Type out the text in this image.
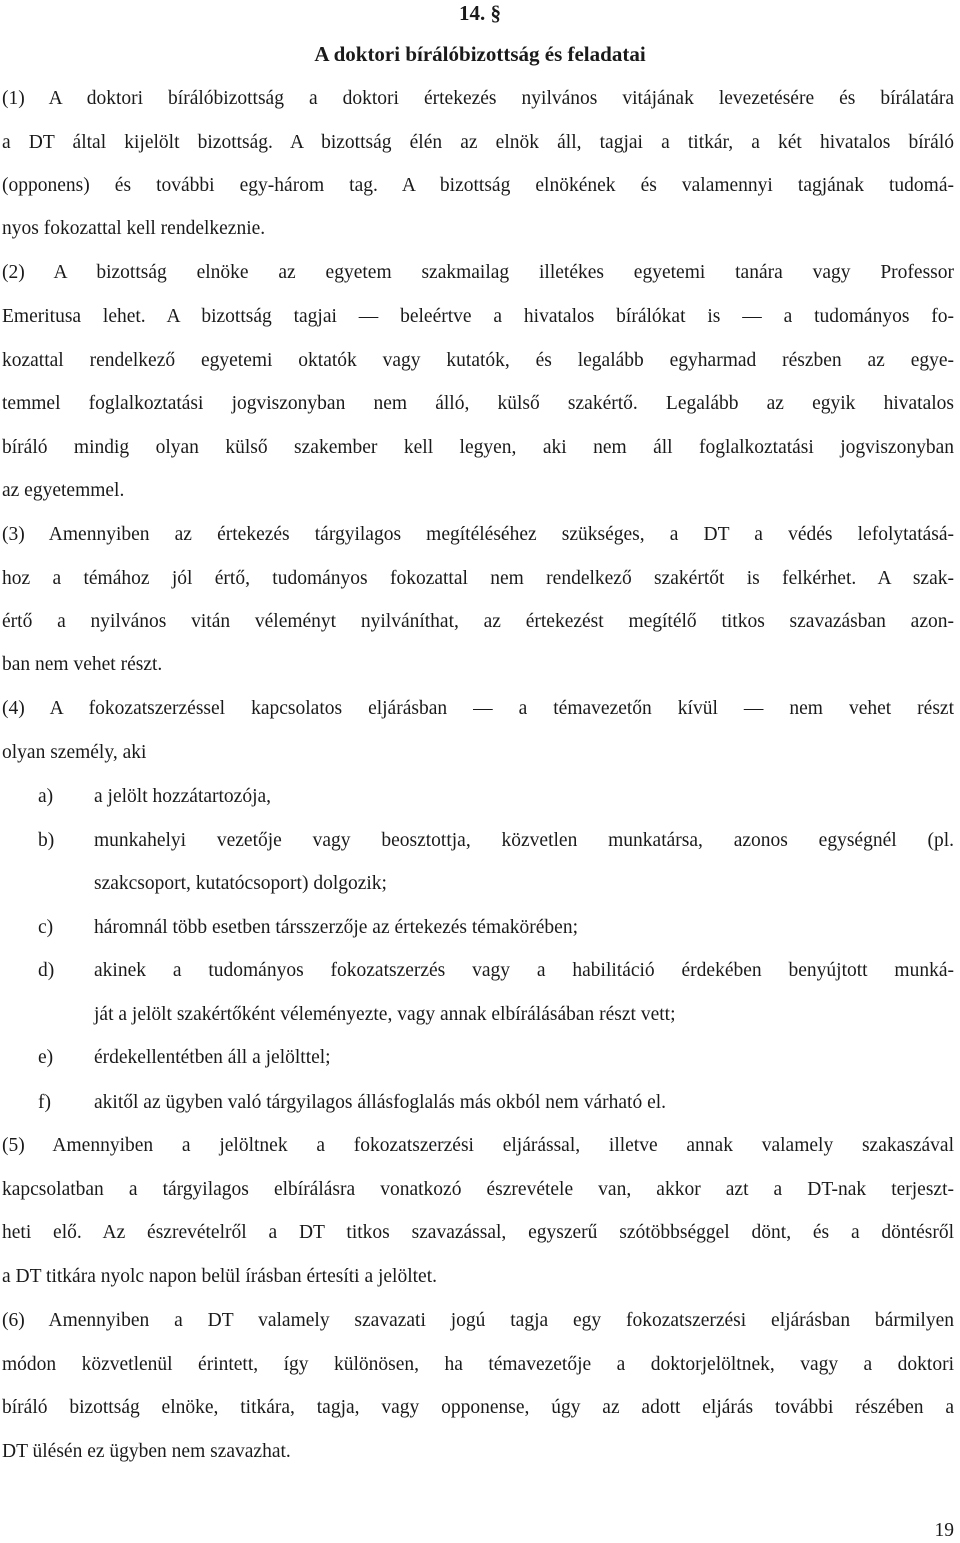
14. §
A doktori bírálóbizottság és feladatai
(1) A doktori bírálóbizottság a doktori értekezés nyilvános vitájának levezetésére és bírálatára
a DT által kijelölt bizottság. A bizottság élén az elnök áll, tagjai a titkár, a két hivatalos bíráló
(opponens) és további egy-három tag. A bizottság elnökének és valamennyi tagjának tudomá-
nyos fokozattal kell rendelkeznie.
(2) A bizottság elnöke az egyetem szakmailag illetékes egyetemi tanára vagy Professor
Emeritusa lehet. A bizottság tagjai — beleértve a hivatalos bírálókat is — a tudományos fo-
kozattal rendelkező egyetemi oktatók vagy kutatók, és legalább egyharmad részben az egye-
temmel foglalkoztatási jogviszonyban nem álló, külső szakértő. Legalább az egyik hivatalos
bíráló mindig olyan külső szakember kell legyen, aki nem áll foglalkoztatási jogviszonyban
az egyetemmel.
(3) Amennyiben az értekezés tárgyilagos megítéléséhez szükséges, a DT a védés lefolytatásá-
hoz a témához jól értő, tudományos fokozattal nem rendelkező szakértőt is felkérhet. A szak-
értő a nyilvános vitán véleményt nyilváníthat, az értekezést megítélő titkos szavazásban azon-
ban nem vehet részt.
(4) A fokozatszerzéssel kapcsolatos eljárásban — a témavezetőn kívül — nem vehet részt
olyan személy, aki
a) a jelölt hozzátartozója,
b) munkahelyi vezetője vagy beosztottja, közvetlen munkatársa, azonos egységnél (pl.
szakcsoport, kutatócsoport) dolgozik;
c) háromnál több esetben társszerzője az értekezés témakörében;
d) akinek a tudományos fokozatszerzés vagy a habilitáció érdekében benyújtott munká-
ját a jelölt szakértőként véleményezte, vagy annak elbírálásában részt vett;
e) érdekellentétben áll a jelölttel;
f) akitől az ügyben való tárgyilagos állásfoglalás más okból nem várható el.
(5) Amennyiben a jelöltnek a fokozatszerzési eljárással, illetve annak valamely szakaszával
kapcsolatban a tárgyilagos elbírálásra vonatkozó észrevétele van, akkor azt a DT-nak terjeszt-
heti elő. Az észrevételről a DT titkos szavazással, egyszerű szótöbbséggel dönt, és a döntésről
a DT titkára nyolc napon belül írásban értesíti a jelöltet.
(6) Amennyiben a DT valamely szavazati jogú tagja egy fokozatszerzési eljárásban bármilyen
módon közvetlenül érintett, így különösen, ha témavezetője a doktorjelöltnek, vagy a doktori
bíráló bizottság elnöke, titkára, tagja, vagy opponense, úgy az adott eljárás további részében a
DT ülésén ez ügyben nem szavazhat.
19
